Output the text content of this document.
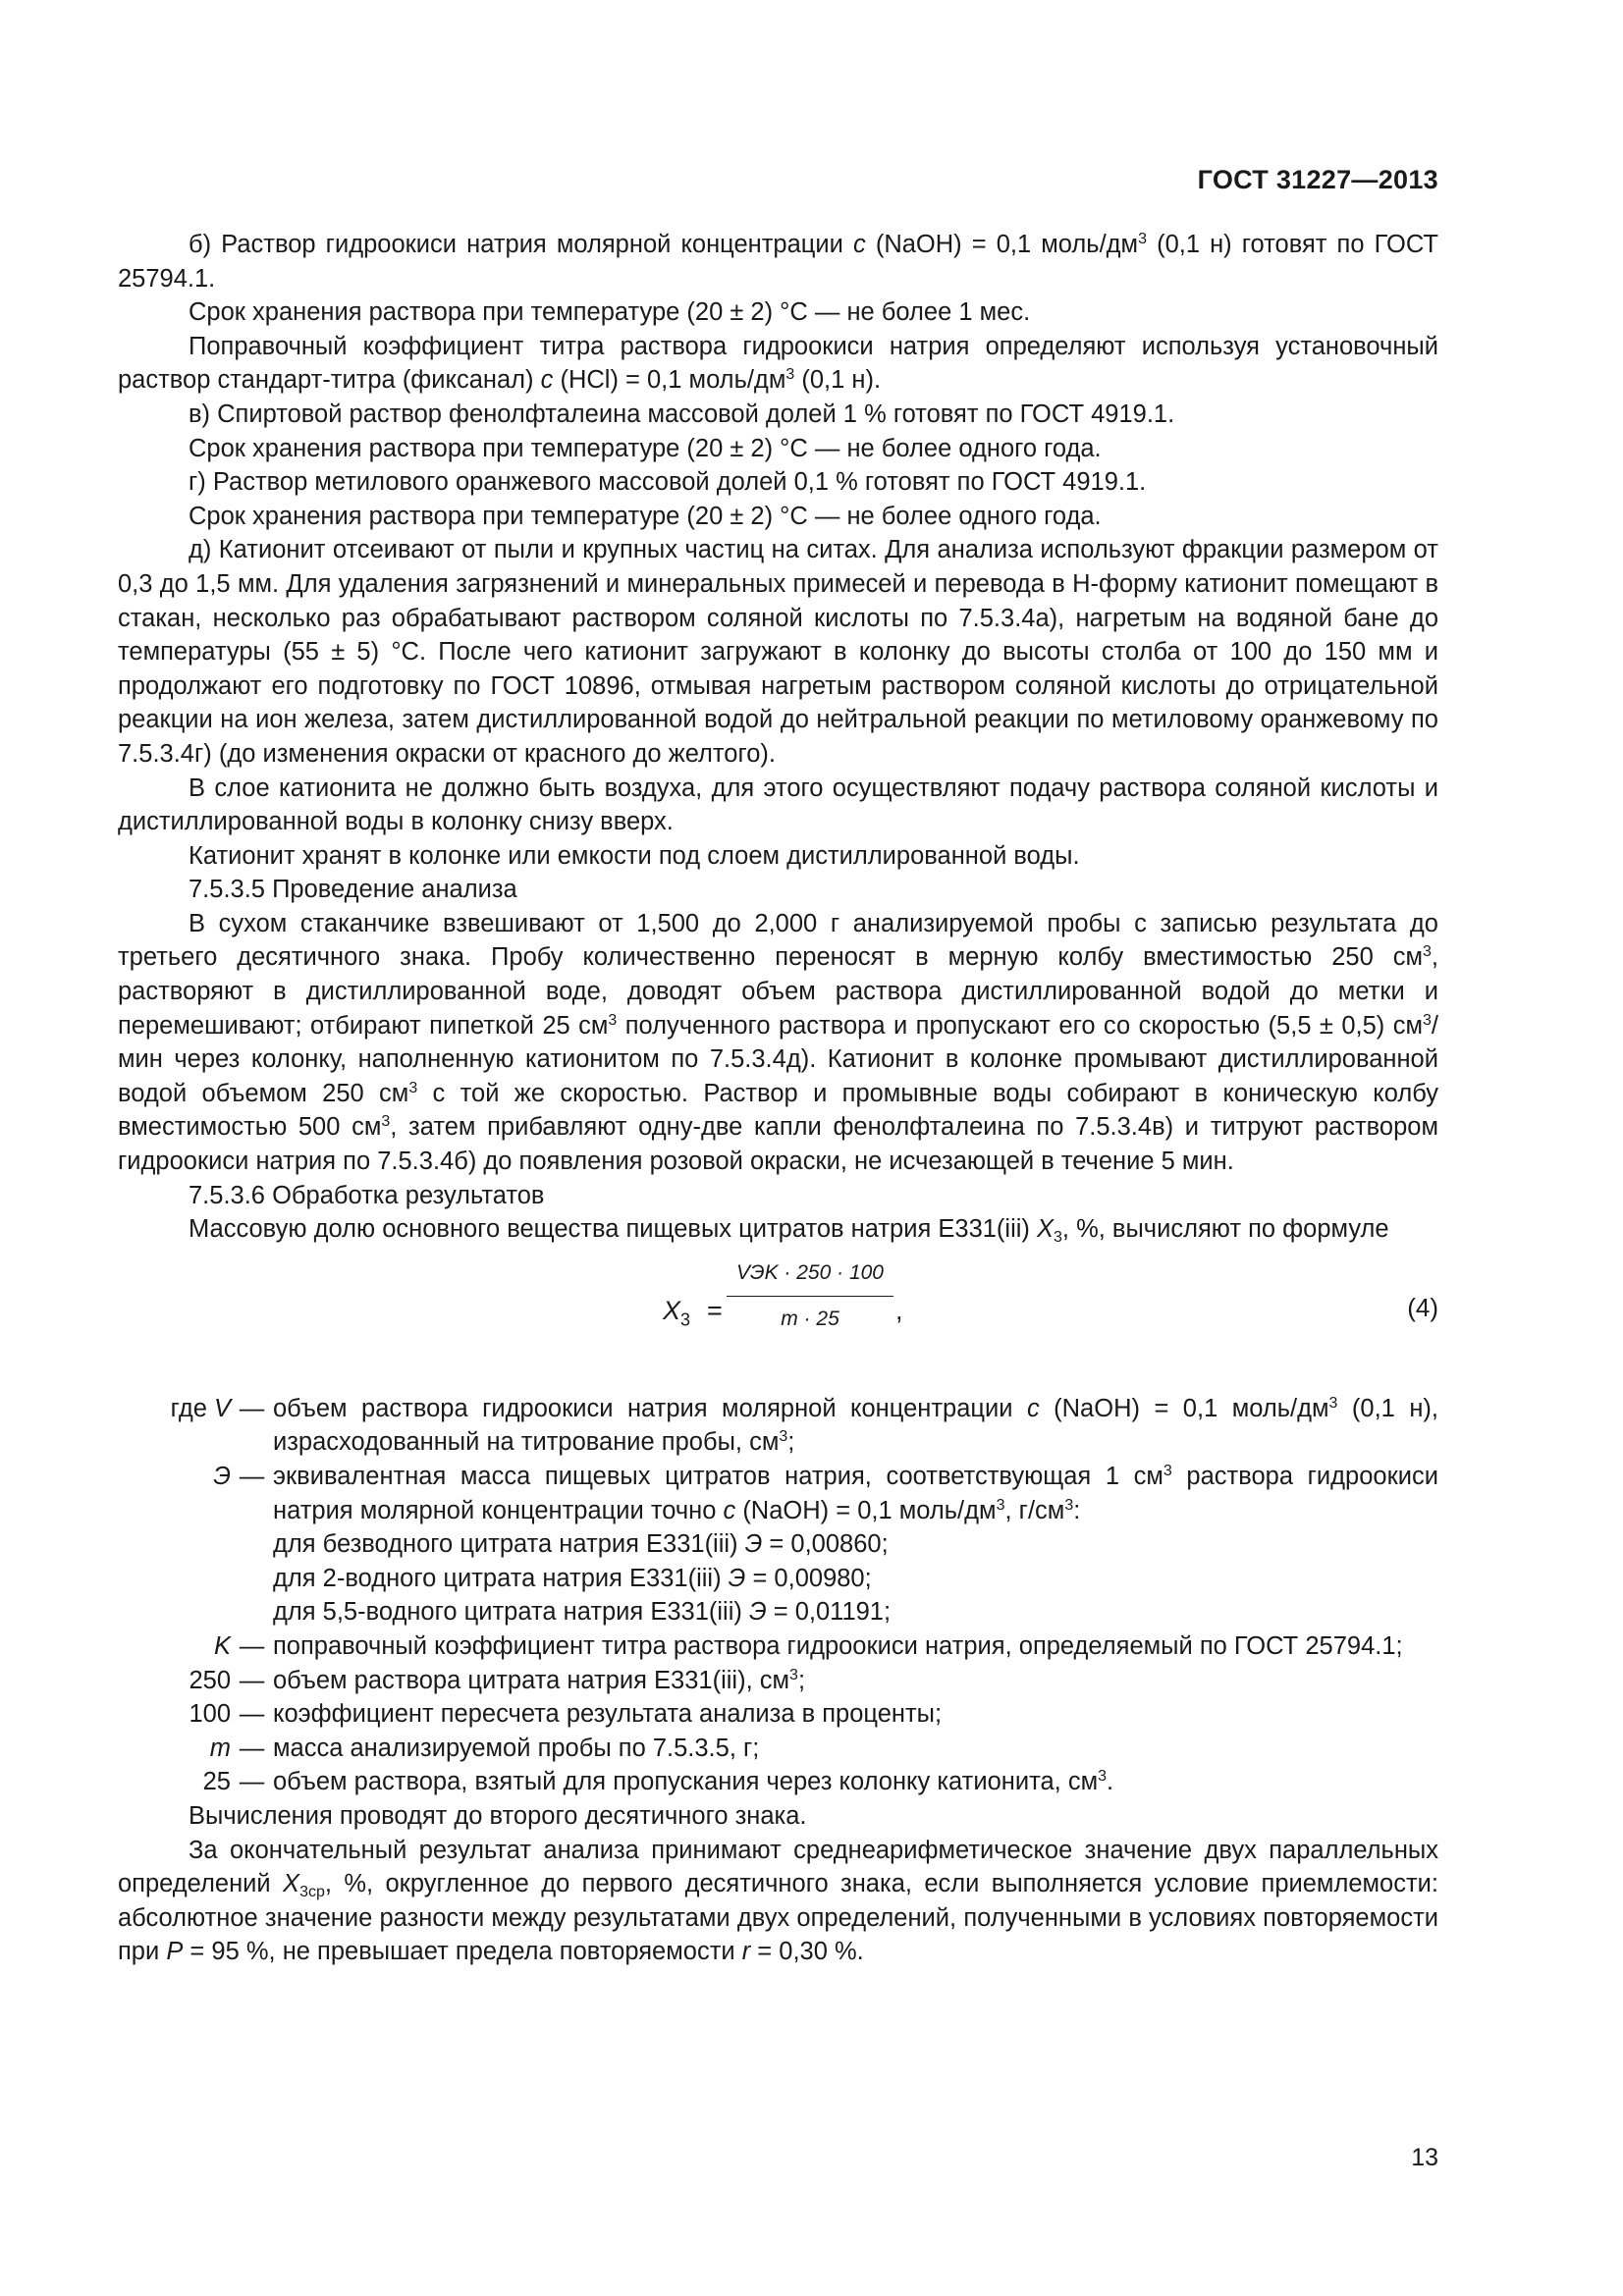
ГОСТ 31227—2013

б) Раствор гидроокиси натрия молярной концентрации c (NaOH) = 0,1 моль/$дм^3$ (0,1 н) готовят по ГОСТ 25794.1.

Срок хранения раствора при температуре (20 ± 2) °С — не более 1 мес.

Поправочный коэффициент титра раствора гидроокиси натрия определяют используя установочный раствор стандарт-титра (фиксанал) c (HCl) = 0,1 моль/$дм^3$ (0,1 н).

в) Спиртовой раствор фенолфталеина массовой долей 1 % готовят по ГОСТ 4919.1.

Срок хранения раствора при температуре (20 ± 2) °С — не более одного года.

г) Раствор метилового оранжевого массовой долей 0,1 % готовят по ГОСТ 4919.1.

Срок хранения раствора при температуре (20 ± 2) °С — не более одного года.

д) Катионит отсеивают от пыли и крупных частиц на ситах. Для анализа используют фракции размером от 0,3 до 1,5 мм. Для удаления загрязнений и минеральных примесей и перевода в Н-форму катионит помещают в стакан, несколько раз обрабатывают раствором соляной кислоты по 7.5.3.4а), нагретым на водяной бане до температуры (55 ± 5) °С. После чего катионит загружают в колонку до высоты столба от 100 до 150 мм и продолжают его подготовку по ГОСТ 10896, отмывая нагретым раствором соляной кислоты до отрицательной реакции на ион железа, затем дистиллированной водой до нейтральной реакции по метиловому оранжевому по 7.5.3.4г) (до изменения окраски от красного до желтого).

В слое катионита не должно быть воздуха, для этого осуществляют подачу раствора соляной кислоты и дистиллированной воды в колонку снизу вверх.

Катионит хранят в колонке или емкости под слоем дистиллированной воды.

7.5.3.5 Проведение анализа

В сухом стаканчике взвешивают от 1,500 до 2,000 г анализируемой пробы с записью результата до третьего десятичного знака. Пробу количественно переносят в мерную колбу вместимостью 250 $см^3$, растворяют в дистиллированной воде, доводят объем раствора дистиллированной водой до метки и перемешивают; отбирают пипеткой 25 $см^3$ полученного раствора и пропускают его со скоростью (5,5 ± 0,5) $см^3$/мин через колонку, наполненную катионитом по 7.5.3.4д). Катионит в колонке промывают дистиллированной водой объемом 250 $см^3$ с той же скоростью. Раствор и промывные воды собирают в коническую колбу вместимостью 500 $см^3$, затем прибавляют одну-две капли фенолфталеина по 7.5.3.4в) и титруют раствором гидроокиси натрия по 7.5.3.4б) до появления розовой окраски, не исчезающей в течение 5 мин.

7.5.3.6 Обработка результатов

Массовую долю основного вещества пищевых цитратов натрия Е331(iii) $X_3$, %, вычисляют по формуле

$X_3$ =
VЭK · 250 · 100
m · 25	,	(4)
где V — объем раствора гидроокиси натрия молярной концентрации c (NaOH) = 0,1 моль/$дм^3$ (0,1 н), израсходованный на титрование пробы, $см^3$;
Э — эквивалентная масса пищевых цитратов натрия, соответствующая 1 $см^3$ раствора гидроокиси натрия молярной концентрации точно c (NaOH) = 0,1 моль/$дм^3$, $г/см^3$:
для безводного цитрата натрия Е331(iii) Э = 0,00860;
для 2-водного цитрата натрия Е331(iii) Э = 0,00980;
для 5,5-водного цитрата натрия Е331(iii) Э = 0,01191;
K — поправочный коэффициент титра раствора гидроокиси натрия, определяемый по ГОСТ 25794.1;
250 — объем раствора цитрата натрия Е331(iii), $см^3$;
100 — коэффициент пересчета результата анализа в проценты;
m — масса анализируемой пробы по 7.5.3.5, г;
25 — объем раствора, взятый для пропускания через колонку катионита, $см^3$.

Вычисления проводят до второго десятичного знака.

За окончательный результат анализа принимают среднеарифметическое значение двух параллельных определений $X_{3ср}$, %, округленное до первого десятичного знака, если выполняется условие приемлемости: абсолютное значение разности между результатами двух определений, полученными в условиях повторяемости при P = 95 %, не превышает предела повторяемости r = 0,30 %.

13
